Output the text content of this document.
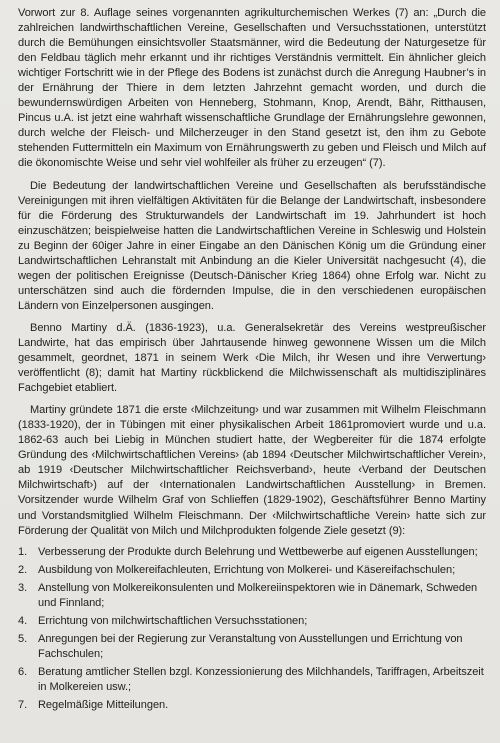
Vorwort zur 8. Auflage seines vorgenannten agrikulturchemischen Werkes (7) an: „Durch die zahlreichen landwirthschaftlichen Vereine, Gesellschaften und Versuchsstationen, unterstützt durch die Bemühungen einsichtsvoller Staatsmänner, wird die Bedeutung der Naturgesetze für den Feldbau täglich mehr erkannt und ihr richtiges Verständnis vermittelt. Ein ähnlicher gleich wichtiger Fortschritt wie in der Pflege des Bodens ist zunächst durch die Anregung Haubner’s in der Ernährung der Thiere in dem letzten Jahrzehnt gemacht worden, und durch die bewundernswürdigen Arbeiten von Henneberg, Stohmann, Knop, Arendt, Bähr, Ritthausen, Pincus u.A. ist jetzt eine wahrhaft wissenschaftliche Grundlage der Ernährungslehre gewonnen, durch welche der Fleisch- und Milcherzeuger in den Stand gesetzt ist, den ihm zu Gebote stehenden Futtermitteln ein Maximum von Ernährungswerth zu geben und Fleisch und Milch auf die ökonomischte Weise und sehr viel wohlfeiler als früher zu erzeugen“ (7).

Die Bedeutung der landwirtschaftlichen Vereine und Gesellschaften als berufsständische Vereinigungen mit ihren vielfältigen Aktivitäten für die Belange der Landwirtschaft, insbesondere für die Förderung des Strukturwandels der Landwirtschaft im 19. Jahrhundert ist hoch einzuschätzen; beispielweise hatten die Landwirtschaftlichen Vereine in Schleswig und Holstein zu Beginn der 60iger Jahre in einer Eingabe an den Dänischen König um die Gründung einer Landwirtschaftlichen Lehranstalt mit Anbindung an die Kieler Universität nachgesucht (4), die wegen der politischen Ereignisse (Deutsch-Dänischer Krieg 1864) ohne Erfolg war. Nicht zu unterschätzen sind auch die fördernden Impulse, die in den verschiedenen europäischen Ländern von Einzelpersonen ausgingen.

Benno Martiny d.Ä. (1836-1923), u.a. Generalsekretär des Vereins westpreußischer Landwirte, hat das empirisch über Jahrtausende hinweg gewonnene Wissen um die Milch gesammelt, geordnet, 1871 in seinem Werk ‹Die Milch, ihr Wesen und ihre Verwertung› veröffentlicht (8); damit hat Martiny rückblickend die Milchwissenschaft als multidisziplinäres Fachgebiet etabliert.

Martiny gründete 1871 die erste ‹Milchzeitung› und war zusammen mit Wilhelm Fleischmann (1833-1920), der in Tübingen mit einer physikalischen Arbeit 1861promoviert wurde und u.a. 1862-63 auch bei Liebig in München studiert hatte, der Wegbereiter für die 1874 erfolgte Gründung des ‹Milchwirtschaftlichen Vereins› (ab 1894 ‹Deutscher Milchwirtschaftlicher Verein›, ab 1919 ‹Deutscher Milchwirtschaftlicher Reichsverband›, heute ‹Verband der Deutschen Milchwirtschaft›) auf der ‹Internationalen Landwirtschaftlichen Ausstellung› in Bremen. Vorsitzender wurde Wilhelm Graf von Schlieffen (1829-1902), Geschäftsführer Benno Martiny und Vorstandsmitglied Wilhelm Fleischmann. Der ‹Milchwirtschaftliche Verein› hatte sich zur Förderung der Qualität von Milch und Milchprodukten folgende Ziele gesetzt (9):

1. Verbesserung der Produkte durch Belehrung und Wettbewerbe auf eigenen Ausstellungen;
2. Ausbildung von Molkereifachleuten, Errichtung von Molkerei- und Käsereifachschulen;
3. Anstellung von Molkereikonsulenten und Molkereiinspektoren wie in Dänemark, Schweden und Finnland;
4. Errichtung von milchwirtschaftlichen Versuchsstationen;
5. Anregungen bei der Regierung zur Veranstaltung von Ausstellungen und Errichtung von Fachschulen;
6. Beratung amtlicher Stellen bzgl. Konzessionierung des Milchhandels, Tariffragen, Arbeitszeit in Molkereien usw.;
7. Regelmäßige Mitteilungen.
